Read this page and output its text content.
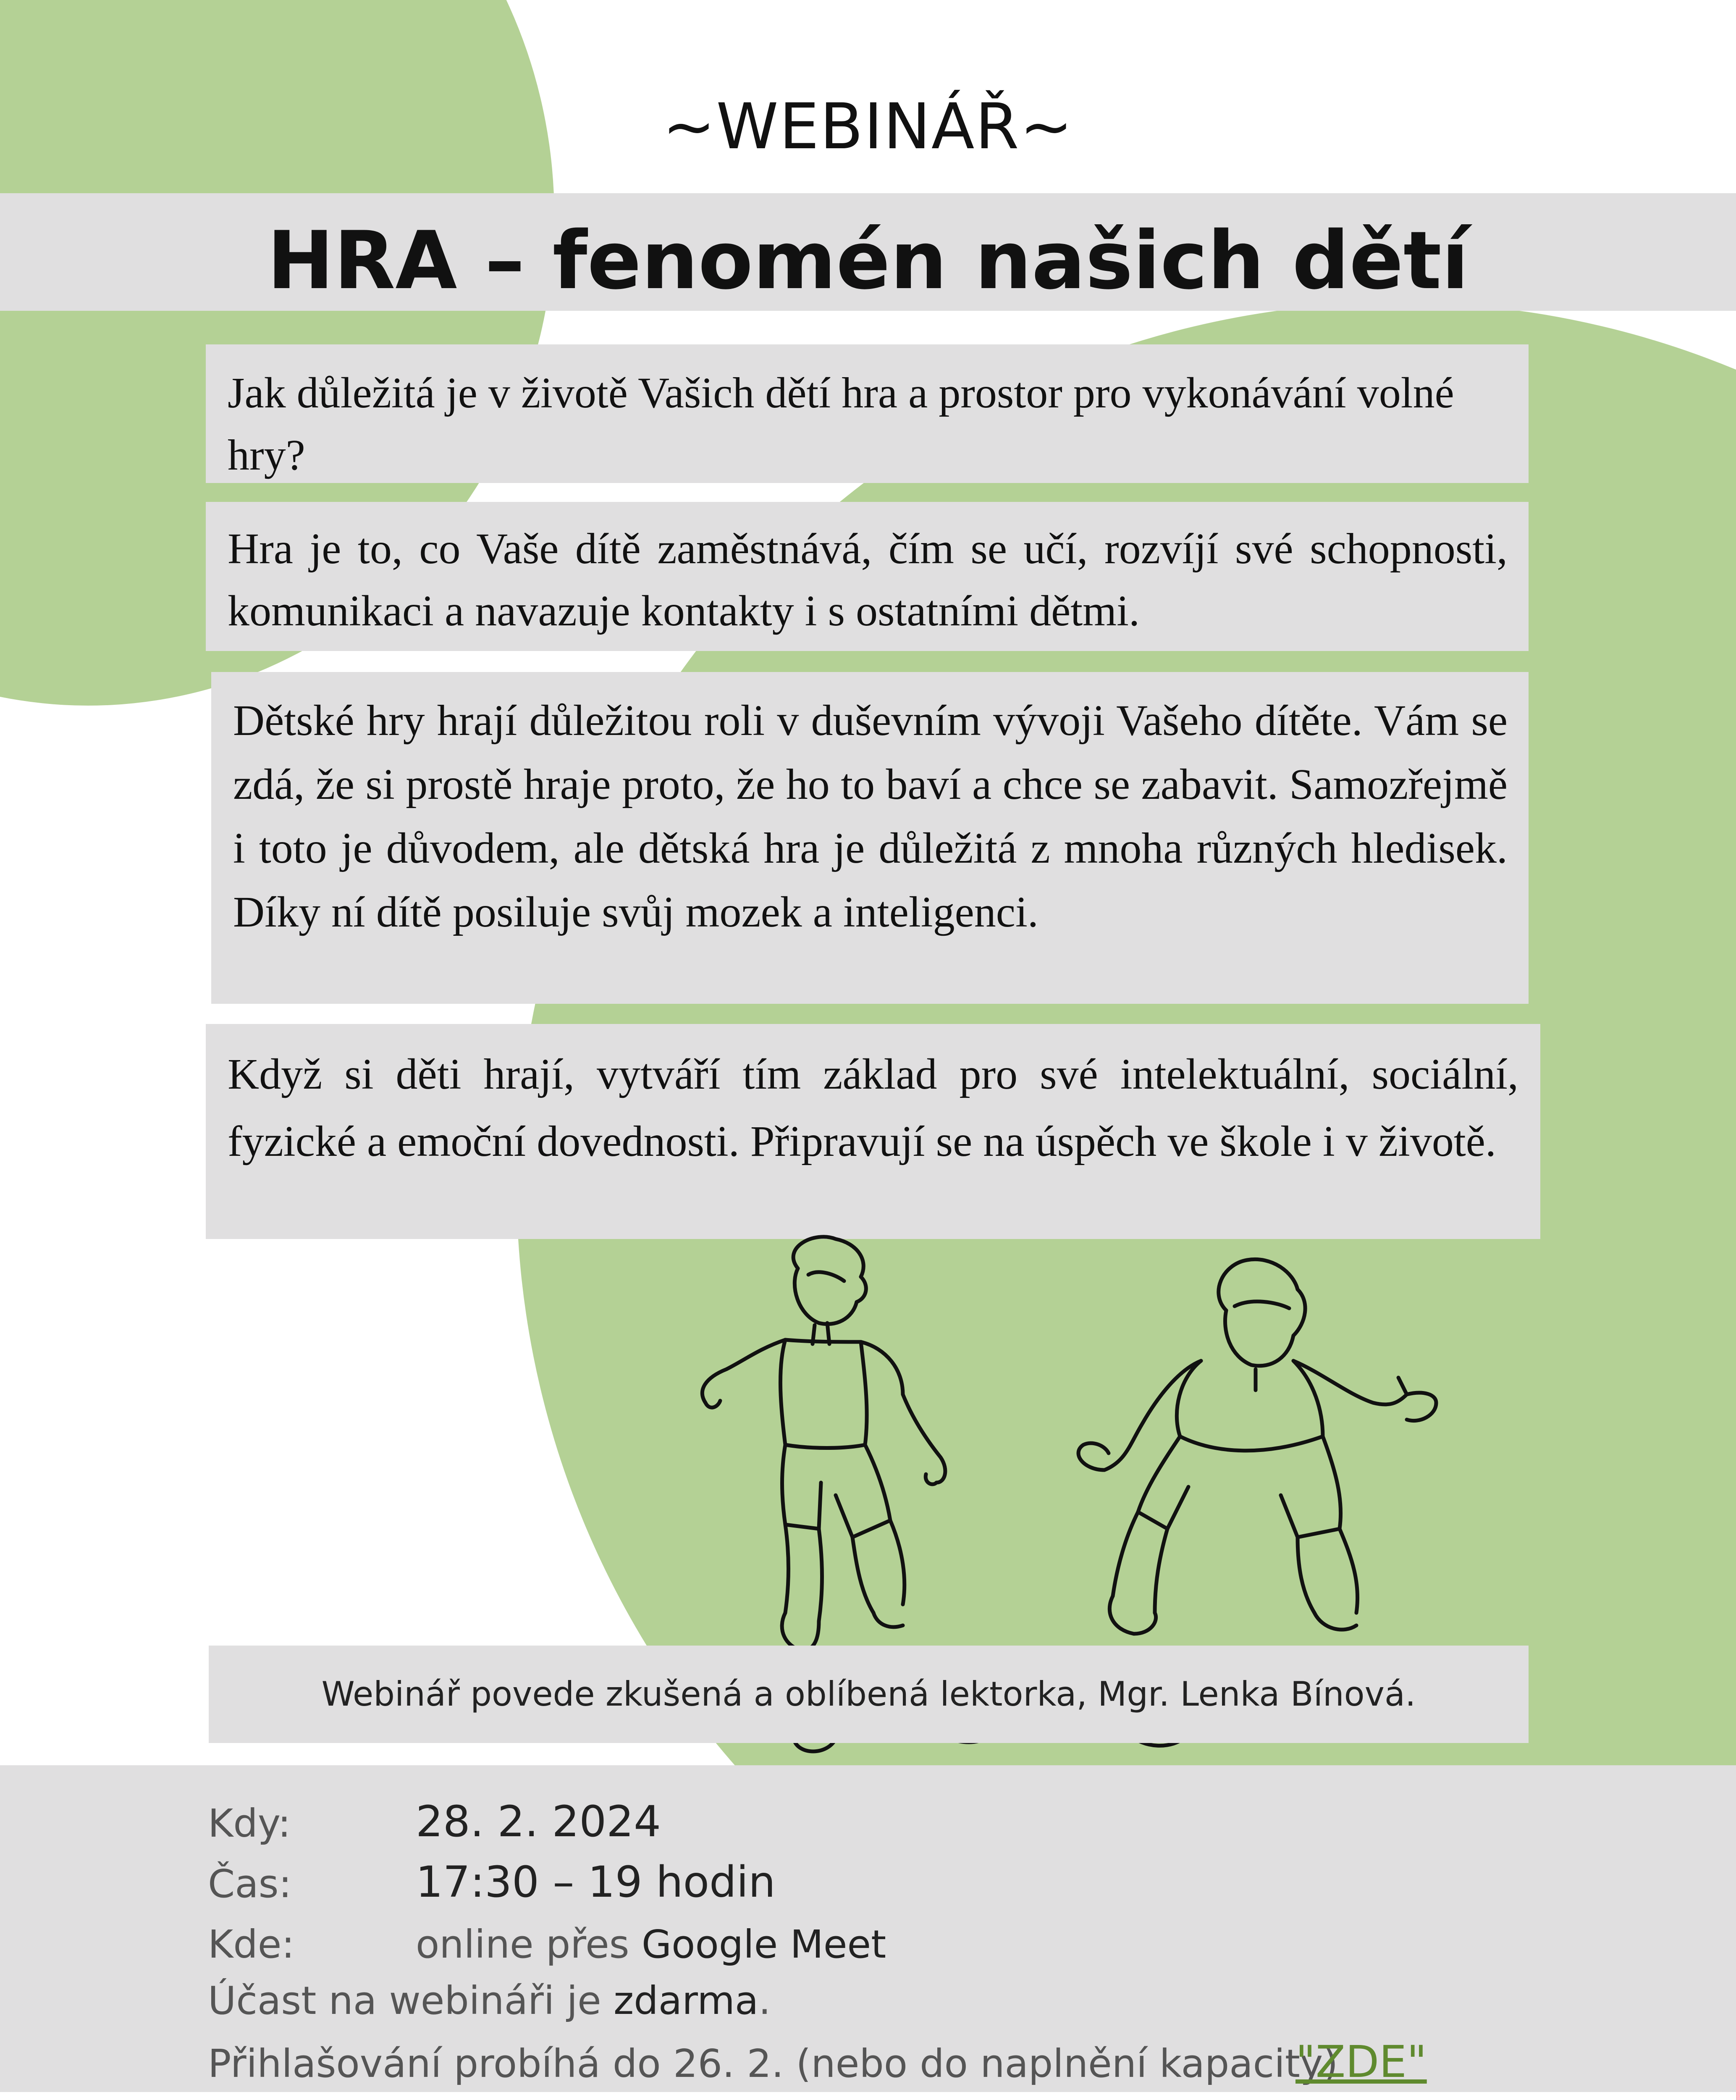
~WEBINÁŘ~
HRA – fenomén našich dětí
Jak důležitá je v životě Vašich dětí hra a prostor pro vykonávání volné hry?
Hra je to, co Vaše dítě zaměstnává, čím se učí, rozvíjí své schopnosti, komunikaci a navazuje kontakty i s ostatními dětmi.
Dětské hry hrají důležitou roli v duševním vývoji Vašeho dítěte. Vám se zdá, že si prostě hraje proto, že ho to baví a chce se zabavit. Samozřejmě i toto je důvodem, ale dětská hra je důležitá z mnoha různých hledisek. Díky ní dítě posiluje svůj mozek a inteligenci.
Když si děti hrají, vytváří tím základ pro své intelektuální, sociální, fyzické a emoční dovednosti. Připravují se na úspěch ve škole i v životě.
Webinář povede zkušená a oblíbená lektorka, Mgr. Lenka Bínová.
Kdy:	28. 2. 2024
Čas:	17:30 – 19 hodin
Kde:	online přes Google Meet
Účast na webináři je zdarma.
Přihlašování probíhá do 26. 2. (nebo do naplnění kapacity)
"ZDE"
